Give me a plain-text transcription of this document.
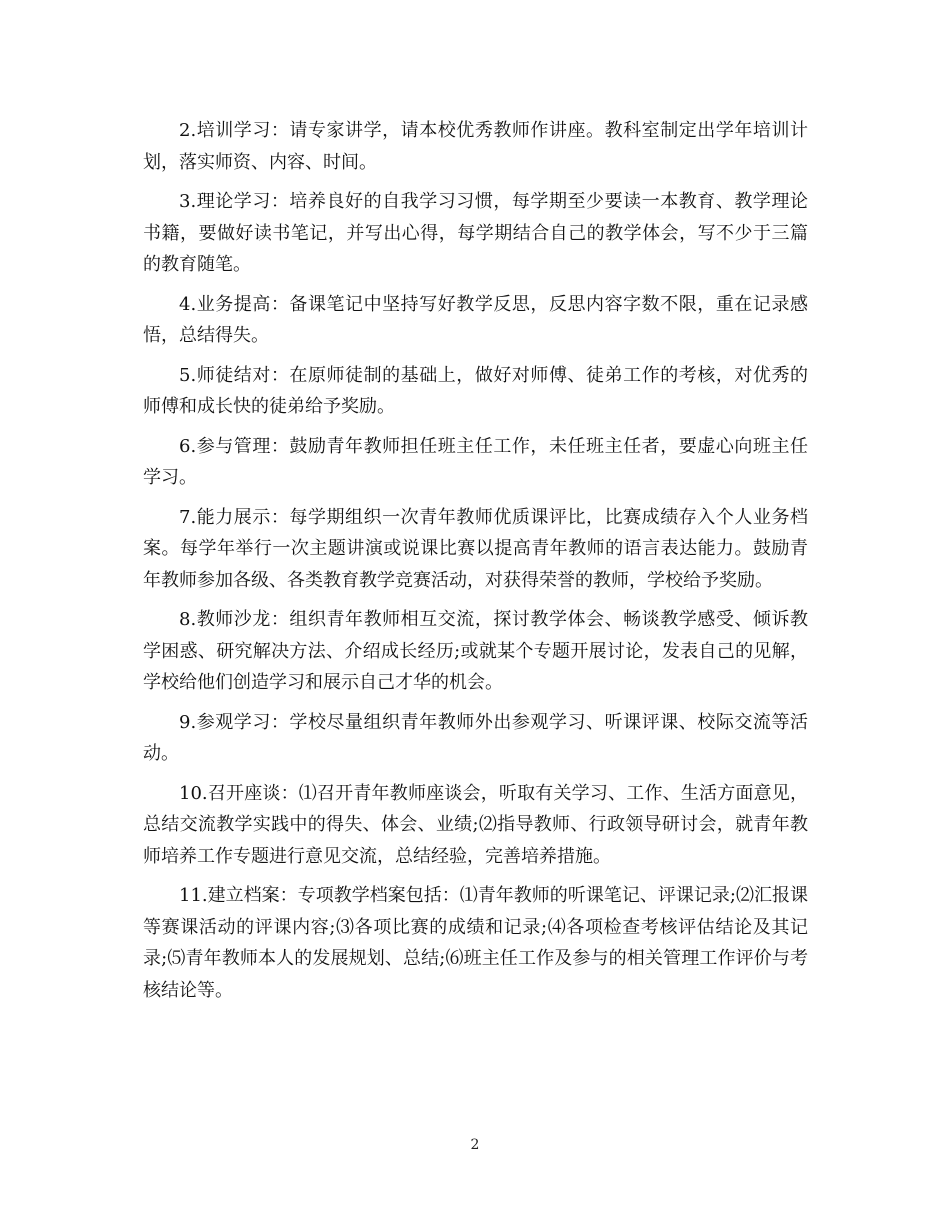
2.培训学习：请专家讲学，请本校优秀教师作讲座。教科室制定出学年培训计划，落实师资、内容、时间。

3.理论学习：培养良好的自我学习习惯，每学期至少要读一本教育、教学理论书籍，要做好读书笔记，并写出心得，每学期结合自己的教学体会，写不少于三篇的教育随笔。

4.业务提高：备课笔记中坚持写好教学反思，反思内容字数不限，重在记录感悟，总结得失。

5.师徒结对：在原师徒制的基础上，做好对师傅、徒弟工作的考核，对优秀的师傅和成长快的徒弟给予奖励。

6.参与管理：鼓励青年教师担任班主任工作，未任班主任者，要虚心向班主任学习。

7.能力展示：每学期组织一次青年教师优质课评比，比赛成绩存入个人业务档案。每学年举行一次主题讲演或说课比赛以提高青年教师的语言表达能力。鼓励青年教师参加各级、各类教育教学竞赛活动，对获得荣誉的教师，学校给予奖励。

8.教师沙龙：组织青年教师相互交流，探讨教学体会、畅谈教学感受、倾诉教学困惑、研究解决方法、介绍成长经历;或就某个专题开展讨论，发表自己的见解，学校给他们创造学习和展示自己才华的机会。

9.参观学习：学校尽量组织青年教师外出参观学习、听课评课、校际交流等活动。

10.召开座谈：⑴召开青年教师座谈会，听取有关学习、工作、生活方面意见，总结交流教学实践中的得失、体会、业绩;⑵指导教师、行政领导研讨会，就青年教师培养工作专题进行意见交流，总结经验，完善培养措施。

11.建立档案：专项教学档案包括：⑴青年教师的听课笔记、评课记录;⑵汇报课等赛课活动的评课内容;⑶各项比赛的成绩和记录;⑷各项检查考核评估结论及其记录;⑸青年教师本人的发展规划、总结;⑹班主任工作及参与的相关管理工作评价与考核结论等。

2
